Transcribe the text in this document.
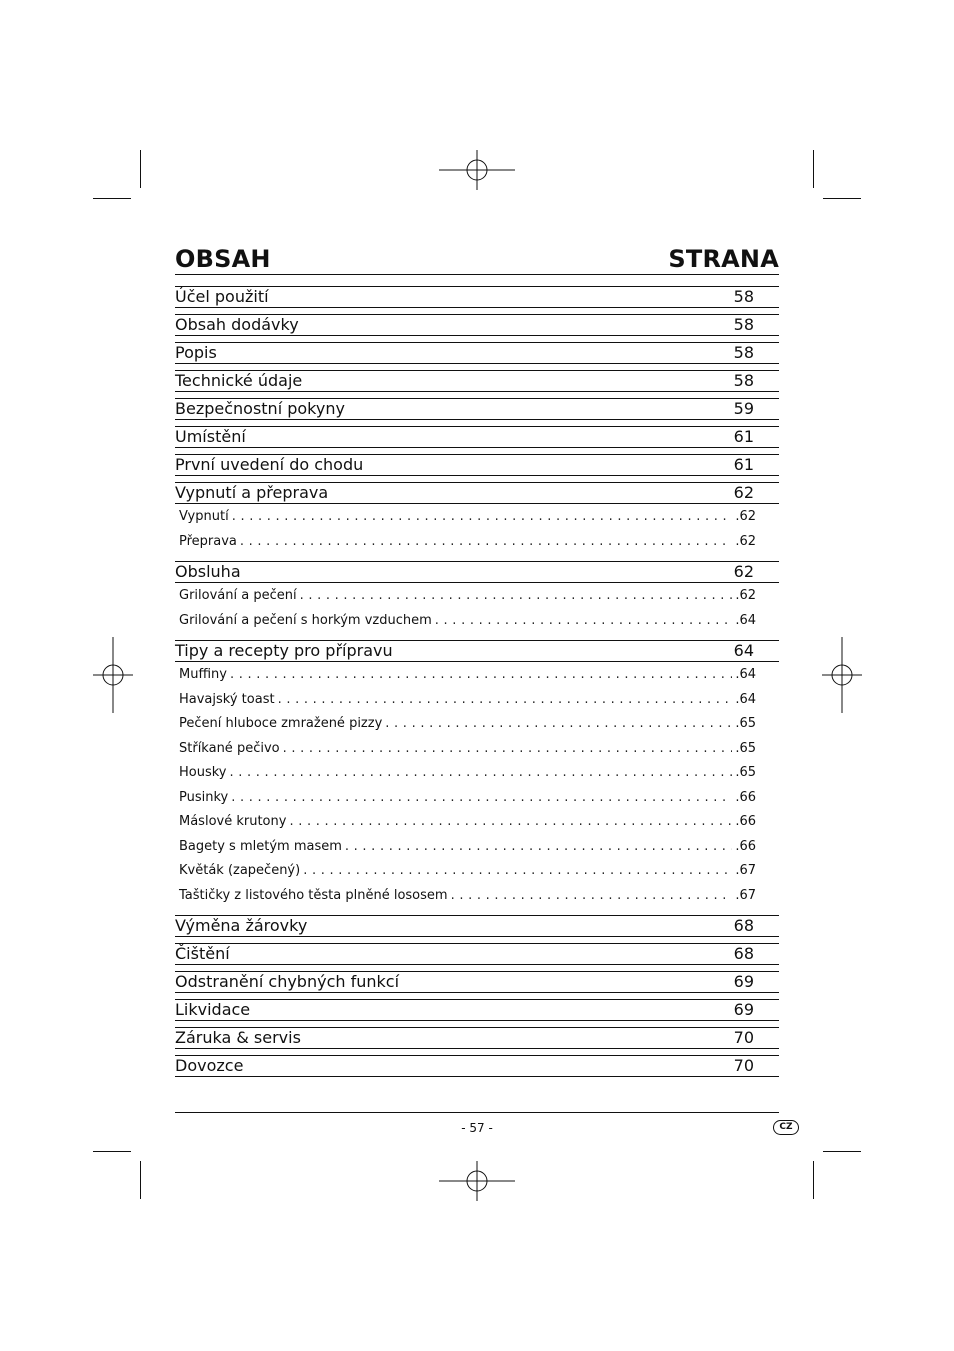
OBSAH	STRANA
Účel použití	58
Obsah dodávky	58
Popis	58
Technické údaje	58
Bezpečnostní pokyny	59
Umístění	61
První uvedení do chodu	61
Vypnutí a přeprava	62
Vypnutí . . .	.62
Přeprava . . .	.62
Obsluha	62
Grilování a pečení . . .	.62
Grilování a pečení s horkým vzduchem . . .	.64
Tipy a recepty pro přípravu	64
Muffiny . . .	.64
Havajský toast . . .	.64
Pečení hluboce zmražené pizzy . . .	.65
Stříkané pečivo . . .	.65
Housky . . .	.65
Pusinky . . .	.66
Máslové krutony . . .	.66
Bagety s mletým masem . . .	.66
Květák (zapečený) . . .	.67
Taštičky z listového těsta plněné lososem . . .	.67
Výměna žárovky	68
Čištění	68
Odstranění chybných funkcí	69
Likvidace	69
Záruka & servis	70
Dovozce	70
- 57 -	CZ
